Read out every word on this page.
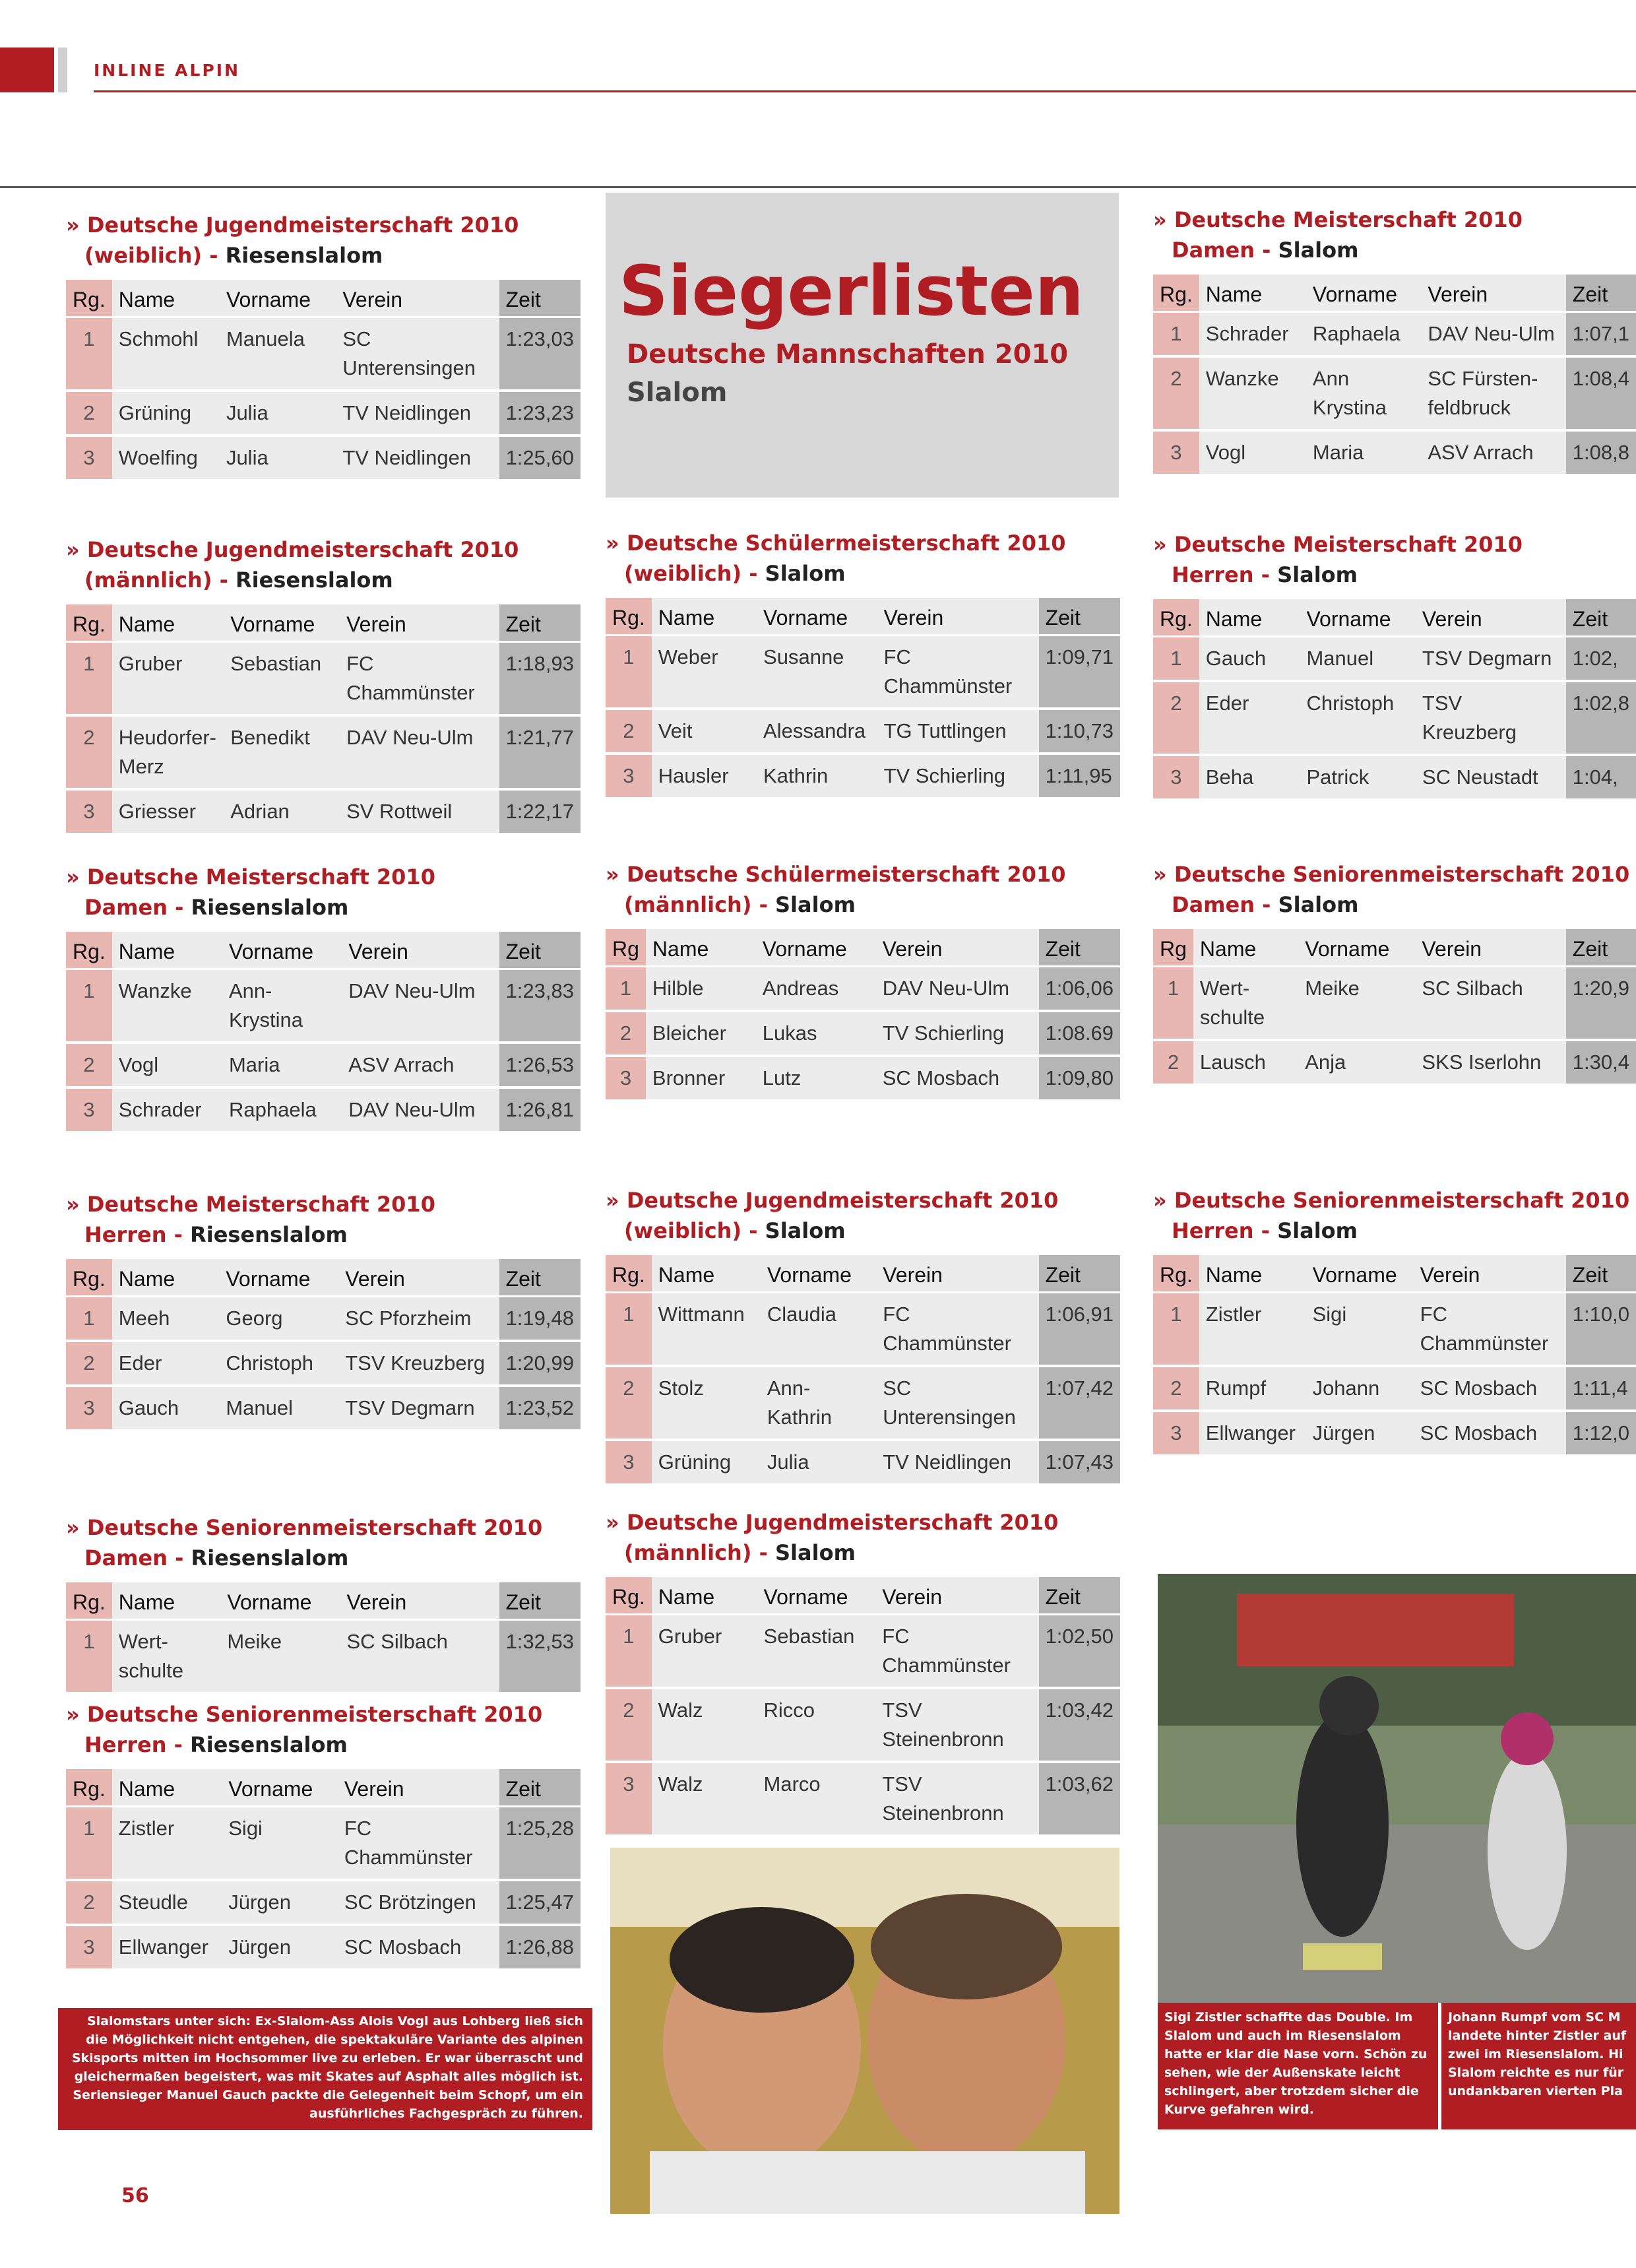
INLINE ALPIN
Siegerlisten
Deutsche Mannschaften 2010
Slalom
» Deutsche Jugendmeisterschaft 2010
(weiblich) - Riesenslalom
Rg.	Name	Vorname	Verein	Zeit
1	Schmohl	Manuela	SC Unterensingen	1:23,03
2	Grüning	Julia	TV Neidlingen	1:23,23
3	Woelfing	Julia	TV Neidlingen	1:25,60
» Deutsche Jugendmeisterschaft 2010
(männlich) - Riesenslalom
Rg.	Name	Vorname	Verein	Zeit
1	Gruber	Sebastian	FC Chammünster	1:18,93
2	Heudorfer-Merz	Benedikt	DAV Neu-Ulm	1:21,77
3	Griesser	Adrian	SV Rottweil	1:22,17
» Deutsche Meisterschaft 2010
Damen - Riesenslalom
Rg.	Name	Vorname	Verein	Zeit
1	Wanzke	Ann-Krystina	DAV Neu-Ulm	1:23,83
2	Vogl	Maria	ASV Arrach	1:26,53
3	Schrader	Raphaela	DAV Neu-Ulm	1:26,81
» Deutsche Meisterschaft 2010
Herren - Riesenslalom
Rg.	Name	Vorname	Verein	Zeit
1	Meeh	Georg	SC Pforzheim	1:19,48
2	Eder	Christoph	TSV Kreuzberg	1:20,99
3	Gauch	Manuel	TSV Degmarn	1:23,52
» Deutsche Seniorenmeisterschaft 2010
Damen - Riesenslalom
Rg.	Name	Vorname	Verein	Zeit
1	Wert-schulte	Meike	SC Silbach	1:32,53
» Deutsche Seniorenmeisterschaft 2010
Herren - Riesenslalom
Rg.	Name	Vorname	Verein	Zeit
1	Zistler	Sigi	FC Chammünster	1:25,28
2	Steudle	Jürgen	SC Brötzingen	1:25,47
3	Ellwanger	Jürgen	SC Mosbach	1:26,88
» Deutsche Schülermeisterschaft 2010
(weiblich) - Slalom
Rg.	Name	Vorname	Verein	Zeit
1	Weber	Susanne	FC Chammünster	1:09,71
2	Veit	Alessandra	TG Tuttlingen	1:10,73
3	Hausler	Kathrin	TV Schierling	1:11,95
» Deutsche Schülermeisterschaft 2010
(männlich) - Slalom
Rg	Name	Vorname	Verein	Zeit
1	Hilble	Andreas	DAV Neu-Ulm	1:06,06
2	Bleicher	Lukas	TV Schierling	1:08.69
3	Bronner	Lutz	SC Mosbach	1:09,80
» Deutsche Jugendmeisterschaft 2010
(weiblich) - Slalom
Rg.	Name	Vorname	Verein	Zeit
1	Wittmann	Claudia	FC Chammünster	1:06,91
2	Stolz	Ann-Kathrin	SC Unterensingen	1:07,42
3	Grüning	Julia	TV Neidlingen	1:07,43
» Deutsche Jugendmeisterschaft 2010
(männlich) - Slalom
Rg.	Name	Vorname	Verein	Zeit
1	Gruber	Sebastian	FC Chammünster	1:02,50
2	Walz	Ricco	TSV Steinenbronn	1:03,42
3	Walz	Marco	TSV Steinenbronn	1:03,62
» Deutsche Meisterschaft 2010
Damen - Slalom
Rg.	Name	Vorname	Verein	Zeit
1	Schrader	Raphaela	DAV Neu-Ulm	1:07,1
2	Wanzke	Ann Krystina	SC Fürsten-feldbruck	1:08,4
3	Vogl	Maria	ASV Arrach	1:08,8
» Deutsche Meisterschaft 2010
Herren - Slalom
Rg.	Name	Vorname	Verein	Zeit
1	Gauch	Manuel	TSV Degmarn	1:02,
2	Eder	Christoph	TSV Kreuzberg	1:02,8
3	Beha	Patrick	SC Neustadt	1:04,
» Deutsche Seniorenmeisterschaft 2010
Damen - Slalom
Rg	Name	Vorname	Verein	Zeit
1	Wert-schulte	Meike	SC Silbach	1:20,9
2	Lausch	Anja	SKS Iserlohn	1:30,4
» Deutsche Seniorenmeisterschaft 2010
Herren - Slalom
Rg.	Name	Vorname	Verein	Zeit
1	Zistler	Sigi	FC Chammünster	1:10,0
2	Rumpf	Johann	SC Mosbach	1:11,4
3	Ellwanger	Jürgen	SC Mosbach	1:12,0
Slalomstars unter sich: Ex-Slalom-Ass Alois Vogl aus Lohberg ließ sich die Möglichkeit nicht entgehen, die spektakuläre Variante des alpinen Skisports mitten im Hochsommer live zu erleben. Er war überrascht und gleichermaßen begeistert, was mit Skates auf Asphalt alles möglich ist. Seriensieger Manuel Gauch packte die Gelegenheit beim Schopf, um ein ausführliches Fachgespräch zu führen.
Sigi Zistler schaffte das Double. Im Slalom und auch im Riesenslalom hatte er klar die Nase vorn. Schön zu sehen, wie der Außenskate leicht schlingert, aber trotzdem sicher die Kurve gefahren wird.
Johann Rumpf vom SC M landete hinter Zistler auf zwei im Riesenslalom. Hi Slalom reichte es nur für undankbaren vierten Pla
56
